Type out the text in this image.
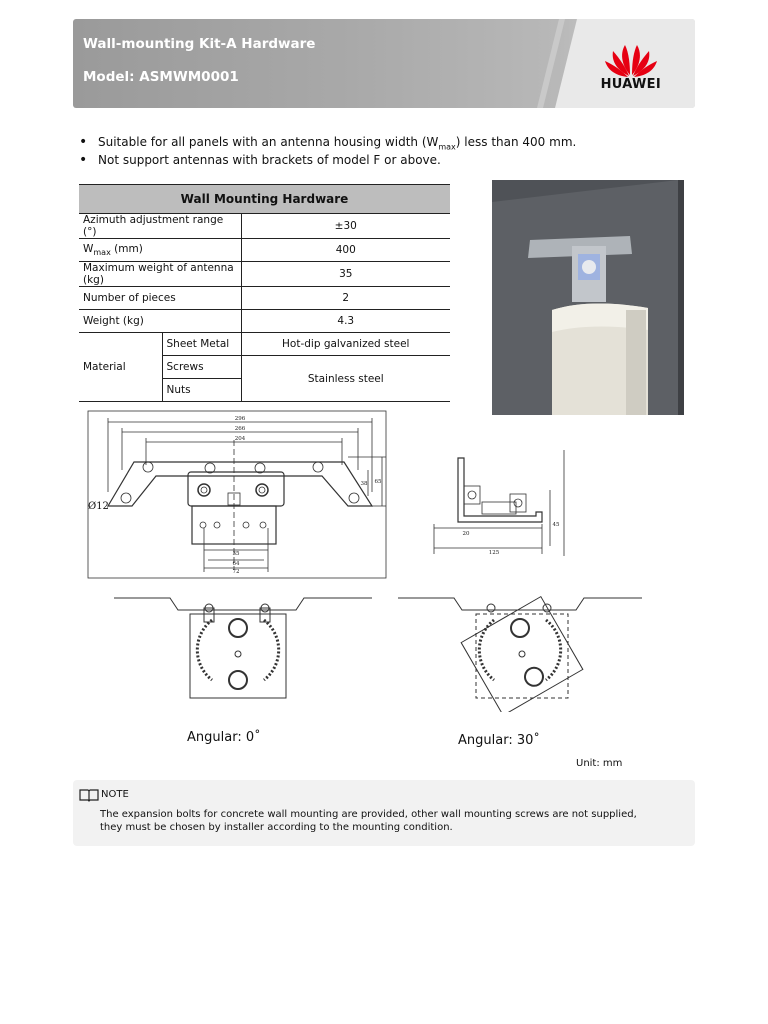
Wall-mounting Kit-A Hardware
Model: ASMWM0001	HUAWEI
• Suitable for all panels with an antenna housing width $(W_{max})$ less than 400 mm.
• Not support antennas with brackets of model F or above.
Wall Mounting Hardware		
Azimuth adjustment range (°)		±30
$W_{max}$ (mm)		400
Maximum weight of antenna (kg)		35
Number of pieces		2
Weight (kg)		4.3
Material	Sheet Metal	Hot-dip galvanized steel
	Screws	Stainless steel
	Nuts	
296
266
204
38 65
35
64
72
Ø12
20
125
45
Angular: 0˚	Angular: 30˚
Unit: mm
NOTE
The expansion bolts for concrete wall mounting are provided, other wall mounting screws are not supplied, they must be chosen by installer according to the mounting condition.
